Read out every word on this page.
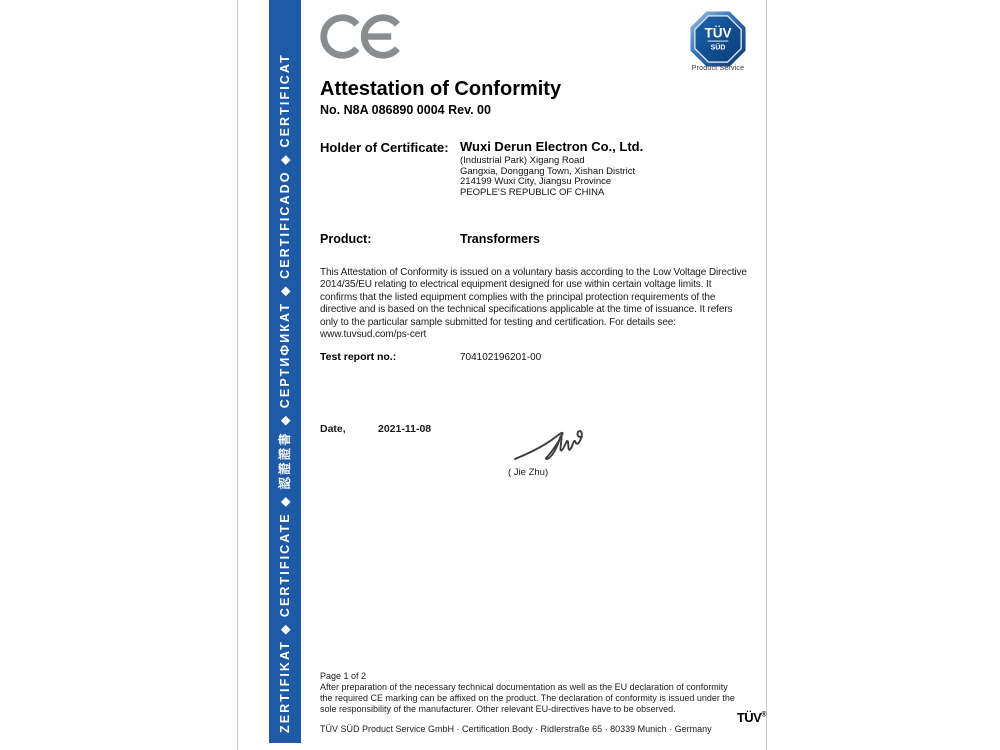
ZERTIFIKAT ◆ CERTIFICATE ◆ 認證證書 ◆ СЕРТИФИКАТ ◆ CERTIFICADO ◆ CERTIFICAT
TÜV
SÜD
Product Service
Attestation of Conformity
No. N8A 086890 0004 Rev. 00
Holder of Certificate: Wuxi Derun Electron Co., Ltd.
(Industrial Park) Xigang Road
Gangxia, Donggang Town, Xishan District
214199 Wuxi City, Jiangsu Province
PEOPLE'S REPUBLIC OF CHINA
Product:	Transformers
This Attestation of Conformity is issued on a voluntary basis according to the Low Voltage Directive 2014/35/EU relating to electrical equipment designed for use within certain voltage limits. It confirms that the listed equipment complies with the principal protection requirements of the directive and is based on the technical specifications applicable at the time of issuance. It refers only to the particular sample submitted for testing and certification. For details see: www.tuvsud.com/ps-cert
Test report no.:	704102196201-00
Date,	2021-11-08
( Jie Zhu)
Page 1 of 2
After preparation of the necessary technical documentation as well as the EU declaration of conformity the required CE marking can be affixed on the product. The declaration of conformity is issued under the sole responsibility of the manufacturer. Other relevant EU-directives have to be observed.
TÜV SÜD Product Service GmbH · Certification Body · Ridlerstraße 65 · 80339 Munich · Germany
TÜV®
